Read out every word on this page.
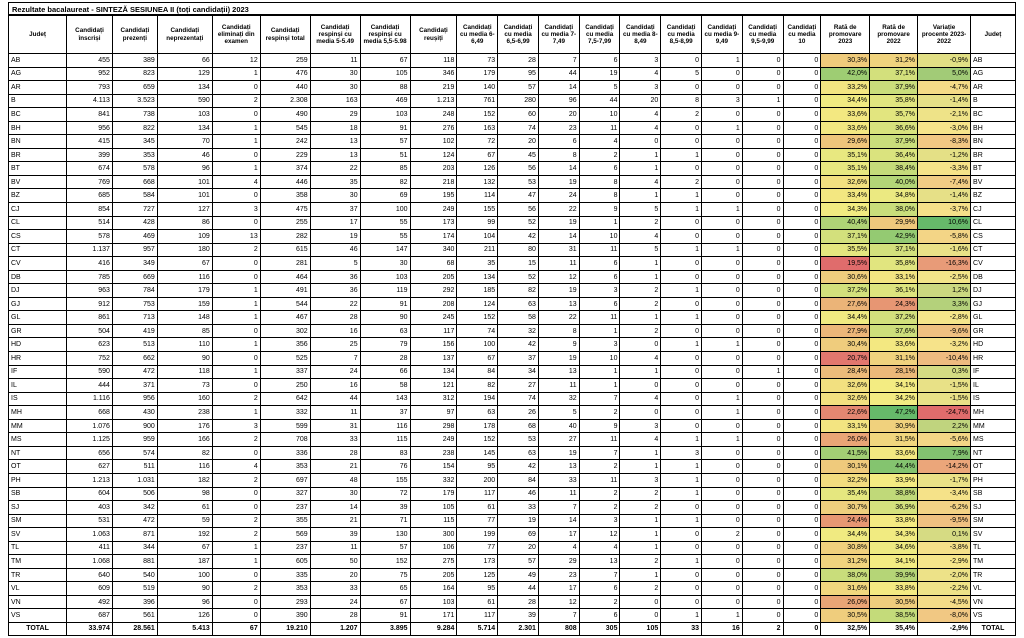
Rezultate bacalaureat - SINTEZĂ SESIUNEA II (toți candidații) 2023
Județ	Candidați înscriși	Candidați prezenți	Candidați neprezentați	Candidați eliminați din examen	Candidați respinși total	Candidați respinși cu media 5-5.49	Candidați respinși cu media 5,5-5.98	Candidați reușiți	Candidați cu media 6-6,49	Candidați cu media 6,5-6,99	Candidați cu media 7-7,49	Candidați cu media 7,5-7,99	Candidați cu media 8-8,49	Candidați cu media 8,5-8,99	Candidați cu media 9-9,49	Candidați cu media 9,5-9,99	Candidați cu media 10	Rată de promovare 2023	Rată de promovare 2022	Variație procente 2023-2022	Județ
AB	455	389	66	12	259	11	67	118	73	28	7	6	3	0	1	0	0	30,3%	31,2%	-0,9%	AB
AG	952	823	129	1	476	30	105	346	179	95	44	19	4	5	0	0	0	42,0%	37,1%	5,0%	AG
AR	793	659	134	0	440	30	88	219	140	57	14	5	3	0	0	0	0	33,2%	37,9%	-4,7%	AR
B	4.113	3.523	590	2	2.308	163	469	1.213	761	280	96	44	20	8	3	1	0	34,4%	35,8%	-1,4%	B
BC	841	738	103	0	490	29	103	248	152	60	20	10	4	2	0	0	0	33,6%	35,7%	-2,1%	BC
BH	956	822	134	1	545	18	91	276	163	74	23	11	4	0	1	0	0	33,6%	36,6%	-3,0%	BH
BN	415	345	70	1	242	13	57	102	72	20	6	4	0	0	0	0	0	29,6%	37,9%	-8,3%	BN
BR	399	353	46	0	229	13	51	124	67	45	8	2	1	1	0	0	0	35,1%	36,4%	-1,2%	BR
BT	674	578	96	1	374	22	85	203	126	56	14	6	1	0	0	0	0	35,1%	38,4%	-3,3%	BT
BV	769	668	101	4	446	35	82	218	132	53	19	8	4	2	0	0	0	32,6%	40,0%	-7,4%	BV
BZ	685	584	101	0	358	30	69	195	114	47	24	8	1	1	0	0	0	33,4%	34,8%	-1,4%	BZ
CJ	854	727	127	3	475	37	100	249	155	56	22	9	5	1	1	0	0	34,3%	38,0%	-3,7%	CJ
CL	514	428	86	0	255	17	55	173	99	52	19	1	2	0	0	0	0	40,4%	29,9%	10,6%	CL
CS	578	469	109	13	282	19	55	174	104	42	14	10	4	0	0	0	0	37,1%	42,9%	-5,8%	CS
CT	1.137	957	180	2	615	46	147	340	211	80	31	11	5	1	1	0	0	35,5%	37,1%	-1,6%	CT
CV	416	349	67	0	281	5	30	68	35	15	11	6	1	0	0	0	0	19,5%	35,8%	-16,3%	CV
DB	785	669	116	0	464	36	103	205	134	52	12	6	1	0	0	0	0	30,6%	33,1%	-2,5%	DB
DJ	963	784	179	1	491	36	119	292	185	82	19	3	2	1	0	0	0	37,2%	36,1%	1,2%	DJ
GJ	912	753	159	1	544	22	91	208	124	63	13	6	2	0	0	0	0	27,6%	24,3%	3,3%	GJ
GL	861	713	148	1	467	28	90	245	152	58	22	11	1	1	0	0	0	34,4%	37,2%	-2,8%	GL
GR	504	419	85	0	302	16	63	117	74	32	8	1	2	0	0	0	0	27,9%	37,6%	-9,6%	GR
HD	623	513	110	1	356	25	79	156	100	42	9	3	0	1	1	0	0	30,4%	33,6%	-3,2%	HD
HR	752	662	90	0	525	7	28	137	67	37	19	10	4	0	0	0	0	20,7%	31,1%	-10,4%	HR
IF	590	472	118	1	337	24	66	134	84	34	13	1	1	0	0	1	0	28,4%	28,1%	0,3%	IF
IL	444	371	73	0	250	16	58	121	82	27	11	1	0	0	0	0	0	32,6%	34,1%	-1,5%	IL
IS	1.116	956	160	2	642	44	143	312	194	74	32	7	4	0	1	0	0	32,6%	34,2%	-1,5%	IS
MH	668	430	238	1	332	11	37	97	63	26	5	2	0	0	1	0	0	22,6%	47,2%	-24,7%	MH
MM	1.076	900	176	3	599	31	116	298	178	68	40	9	3	0	0	0	0	33,1%	30,9%	2,2%	MM
MS	1.125	959	166	2	708	33	115	249	152	53	27	11	4	1	1	0	0	26,0%	31,5%	-5,6%	MS
NT	656	574	82	0	336	28	83	238	145	63	19	7	1	3	0	0	0	41,5%	33,6%	7,9%	NT
OT	627	511	116	4	353	21	76	154	95	42	13	2	1	1	0	0	0	30,1%	44,4%	-14,2%	OT
PH	1.213	1.031	182	2	697	48	155	332	200	84	33	11	3	1	0	0	0	32,2%	33,9%	-1,7%	PH
SB	604	506	98	0	327	30	72	179	117	46	11	2	2	1	0	0	0	35,4%	38,8%	-3,4%	SB
SJ	403	342	61	0	237	14	39	105	61	33	7	2	2	0	0	0	0	30,7%	36,9%	-6,2%	SJ
SM	531	472	59	2	355	21	71	115	77	19	14	3	1	1	0	0	0	24,4%	33,8%	-9,5%	SM
SV	1.063	871	192	2	569	39	130	300	199	69	17	12	1	0	2	0	0	34,4%	34,3%	0,1%	SV
TL	411	344	67	1	237	11	57	106	77	20	4	4	1	0	0	0	0	30,8%	34,6%	-3,8%	TL
TM	1.068	881	187	1	605	50	152	275	173	57	29	13	2	1	0	0	0	31,2%	34,1%	-2,9%	TM
TR	640	540	100	0	335	20	75	205	125	49	23	7	1	0	0	0	0	38,0%	39,9%	-2,0%	TR
VL	609	519	90	2	353	33	65	164	95	44	17	6	2	0	0	0	0	31,6%	33,8%	-2,2%	VL
VN	492	396	96	0	293	24	67	103	61	28	12	2	0	0	0	0	0	26,0%	30,5%	-4,5%	VN
VS	687	561	126	0	390	28	91	171	117	39	7	6	0	1	1	0	0	30,5%	38,5%	-8,0%	VS
TOTAL	33.974	28.561	5.413	67	19.210	1.207	3.895	9.284	5.714	2.301	808	305	105	33	16	2	0	32,5%	35,4%	-2,9%	TOTAL
